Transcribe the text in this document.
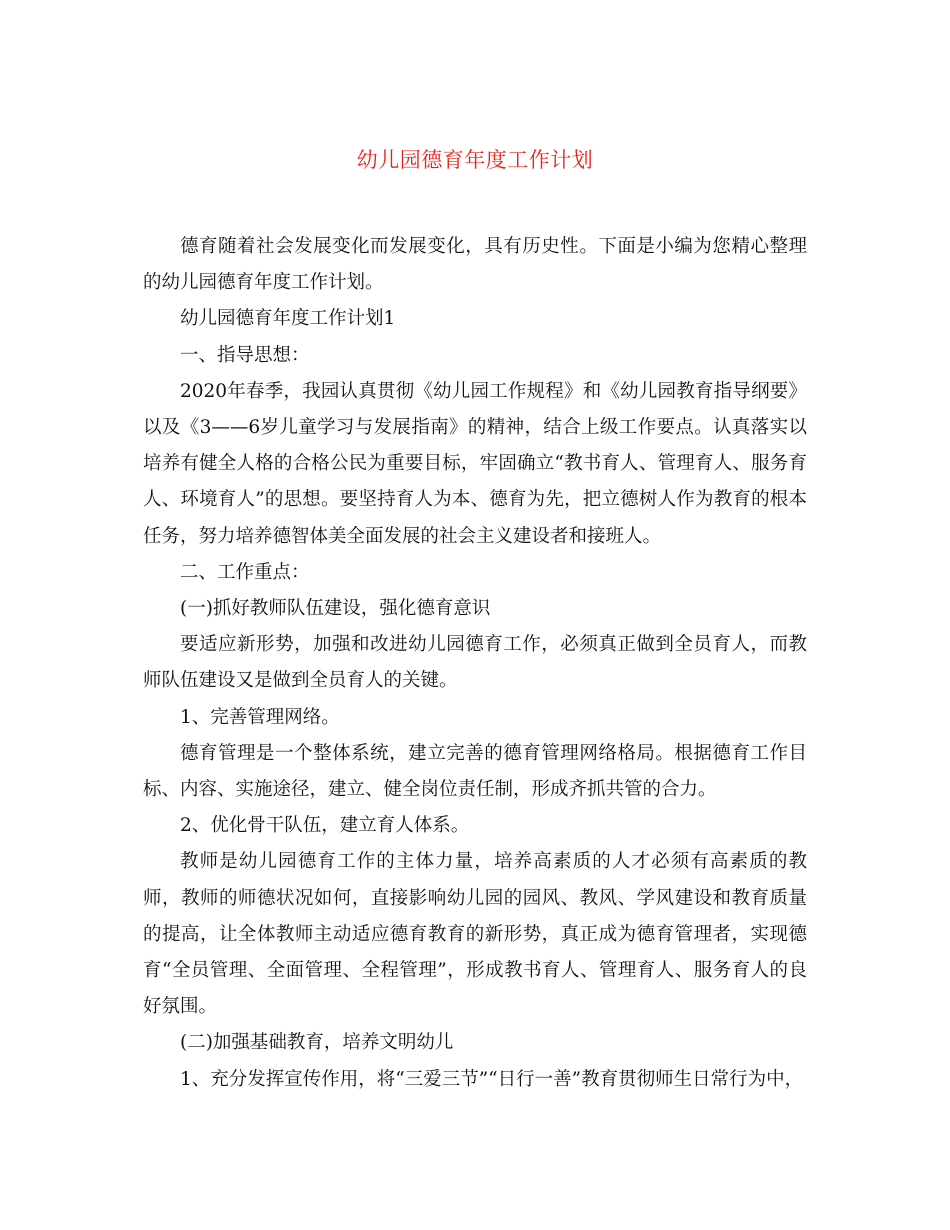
幼儿园德育年度工作计划

德育随着社会发展变化而发展变化，具有历史性。下面是小编为您精心整理的幼儿园德育年度工作计划。

幼儿园德育年度工作计划1

一、指导思想：

2020年春季，我园认真贯彻《幼儿园工作规程》和《幼儿园教育指导纲要》以及《3——6岁儿童学习与发展指南》的精神，结合上级工作要点。认真落实以培养有健全人格的合格公民为重要目标，牢固确立“教书育人、管理育人、服务育人、环境育人”的思想。要坚持育人为本、德育为先，把立德树人作为教育的根本任务，努力培养德智体美全面发展的社会主义建设者和接班人。

二、工作重点：

(一)抓好教师队伍建设，强化德育意识

要适应新形势，加强和改进幼儿园德育工作，必须真正做到全员育人，而教师队伍建设又是做到全员育人的关键。

1、完善管理网络。

德育管理是一个整体系统，建立完善的德育管理网络格局。根据德育工作目标、内容、实施途径，建立、健全岗位责任制，形成齐抓共管的合力。

2、优化骨干队伍，建立育人体系。

教师是幼儿园德育工作的主体力量，培养高素质的人才必须有高素质的教师，教师的师德状况如何，直接影响幼儿园的园风、教风、学风建设和教育质量的提高，让全体教师主动适应德育教育的新形势，真正成为德育管理者，实现德育“全员管理、全面管理、全程管理”，形成教书育人、管理育人、服务育人的良好氛围。

(二)加强基础教育，培养文明幼儿

1、充分发挥宣传作用，将“三爱三节”“日行一善”教育贯彻师生日常行为中，
